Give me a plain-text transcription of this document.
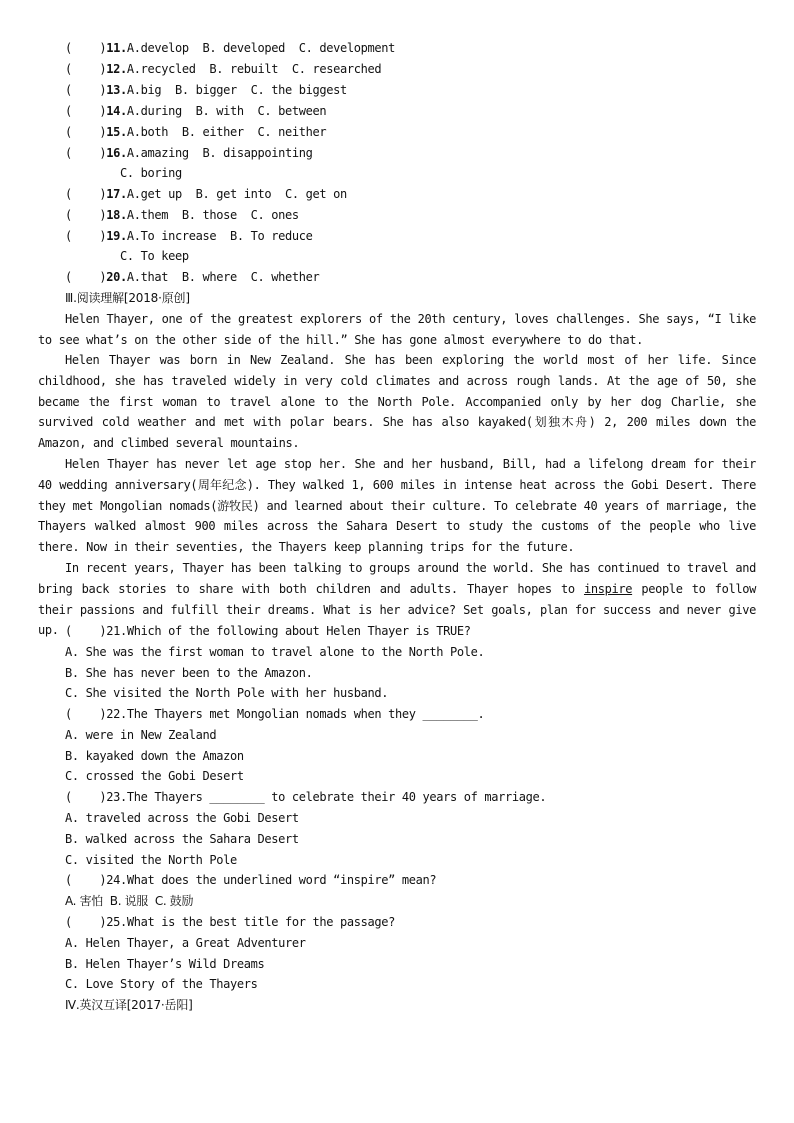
(    )11.A.develop  B. developed  C. development
(    )12.A.recycled  B. rebuilt  C. researched
(    )13.A.big  B. bigger  C. the biggest
(    )14.A.during  B. with  C. between
(    )15.A.both  B. either  C. neither
(    )16.A.amazing  B. disappointing
C. boring
(    )17.A.get up  B. get into  C. get on
(    )18.A.them  B. those  C. ones
(    )19.A.To increase  B. To reduce
C. To keep
(    )20.A.that  B. where  C. whether
Ⅲ.阅读理解[2018·原创]
Helen Thayer, one of the greatest explorers of the 20th century, loves challenges. She says, “I like to see what’s on the other side of the hill.” She has gone almost everywhere to do that.
Helen Thayer was born in New Zealand. She has been exploring the world most of her life. Since childhood, she has traveled widely in very cold climates and across rough lands. At the age of 50, she became the first woman to travel alone to the North Pole. Accompanied only by her dog Charlie, she survived cold weather and met with polar bears. She has also kayaked(划独木舟) 2, 200 miles down the Amazon, and climbed several mountains.
Helen Thayer has never let age stop her. She and her husband, Bill, had a lifelong dream for their 40 wedding anniversary(周年纪念). They walked 1, 600 miles in intense heat across the Gobi Desert. There they met Mongolian nomads(游牧民) and learned about their culture. To celebrate 40 years of marriage, the Thayers walked almost 900 miles across the Sahara Desert to study the customs of the people who live there. Now in their seventies, the Thayers keep planning trips for the future.
In recent years, Thayer has been talking to groups around the world. She has continued to travel and bring back stories to share with both children and adults. Thayer hopes to inspire people to follow their passions and fulfill their dreams. What is her advice? Set goals, plan for success and never give up. (    )21.Which of the following about Helen Thayer is TRUE?
A. She was the first woman to travel alone to the North Pole.
B. She has never been to the Amazon.
C. She visited the North Pole with her husband.
(    )22.The Thayers met Mongolian nomads when they ________.
A. were in New Zealand
B. kayaked down the Amazon
C. crossed the Gobi Desert
(    )23.The Thayers ________ to celebrate their 40 years of marriage.
A. traveled across the Gobi Desert
B. walked across the Sahara Desert
C. visited the North Pole
(    )24.What does the underlined word “inspire” mean?
A. 害怕  B. 说服  C. 鼓励
(    )25.What is the best title for the passage?
A. Helen Thayer, a Great Adventurer
B. Helen Thayer’s Wild Dreams
C. Love Story of the Thayers
Ⅳ.英汉互译[2017·岳阳]
